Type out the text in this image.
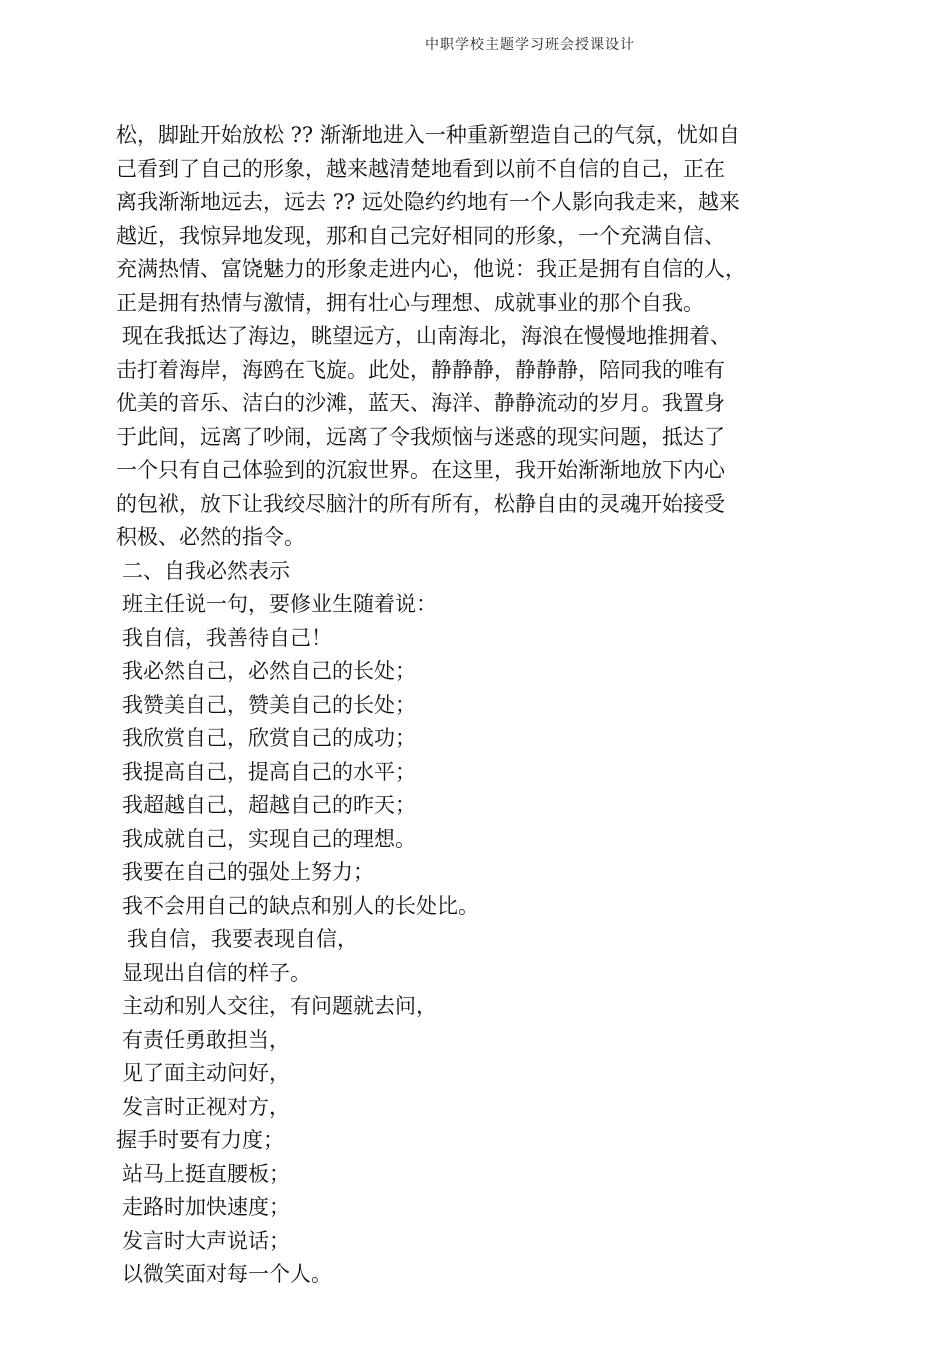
中职学校主题学习班会授课设计
松，脚趾开始放松 ?? 渐渐地进入一种重新塑造自己的气氛，忧如自
己看到了自己的形象，越来越清楚地看到以前不自信的自己，正在
离我渐渐地远去，远去 ?? 远处隐约约地有一个人影向我走来，越来
越近，我惊异地发现，那和自己完好相同的形象，一个充满自信、
充满热情、富饶魅力的形象走进内心，他说：我正是拥有自信的人，
正是拥有热情与激情，拥有壮心与理想、成就事业的那个自我。
现在我抵达了海边，眺望远方，山南海北，海浪在慢慢地推拥着、
击打着海岸，海鸥在飞旋。此处，静静静，静静静，陪同我的唯有
优美的音乐、洁白的沙滩，蓝天、海洋、静静流动的岁月。我置身
于此间，远离了吵闹，远离了令我烦恼与迷惑的现实问题，抵达了
一个只有自己体验到的沉寂世界。在这里，我开始渐渐地放下内心
的包袱，放下让我绞尽脑汁的所有所有，松静自由的灵魂开始接受
积极、必然的指令。
二、自我必然表示
班主任说一句，要修业生随着说：
我自信，我善待自己！
我必然自己，必然自己的长处；
我赞美自己，赞美自己的长处；
我欣赏自己，欣赏自己的成功；
我提高自己，提高自己的水平；
我超越自己，超越自己的昨天；
我成就自己，实现自己的理想。
我要在自己的强处上努力；
我不会用自己的缺点和别人的长处比。
我自信，我要表现自信，
显现出自信的样子。
主动和别人交往，有问题就去问，
有责任勇敢担当，
见了面主动问好，
发言时正视对方，
握手时要有力度；
站马上挺直腰板；
走路时加快速度；
发言时大声说话；
以微笑面对每一个人。
